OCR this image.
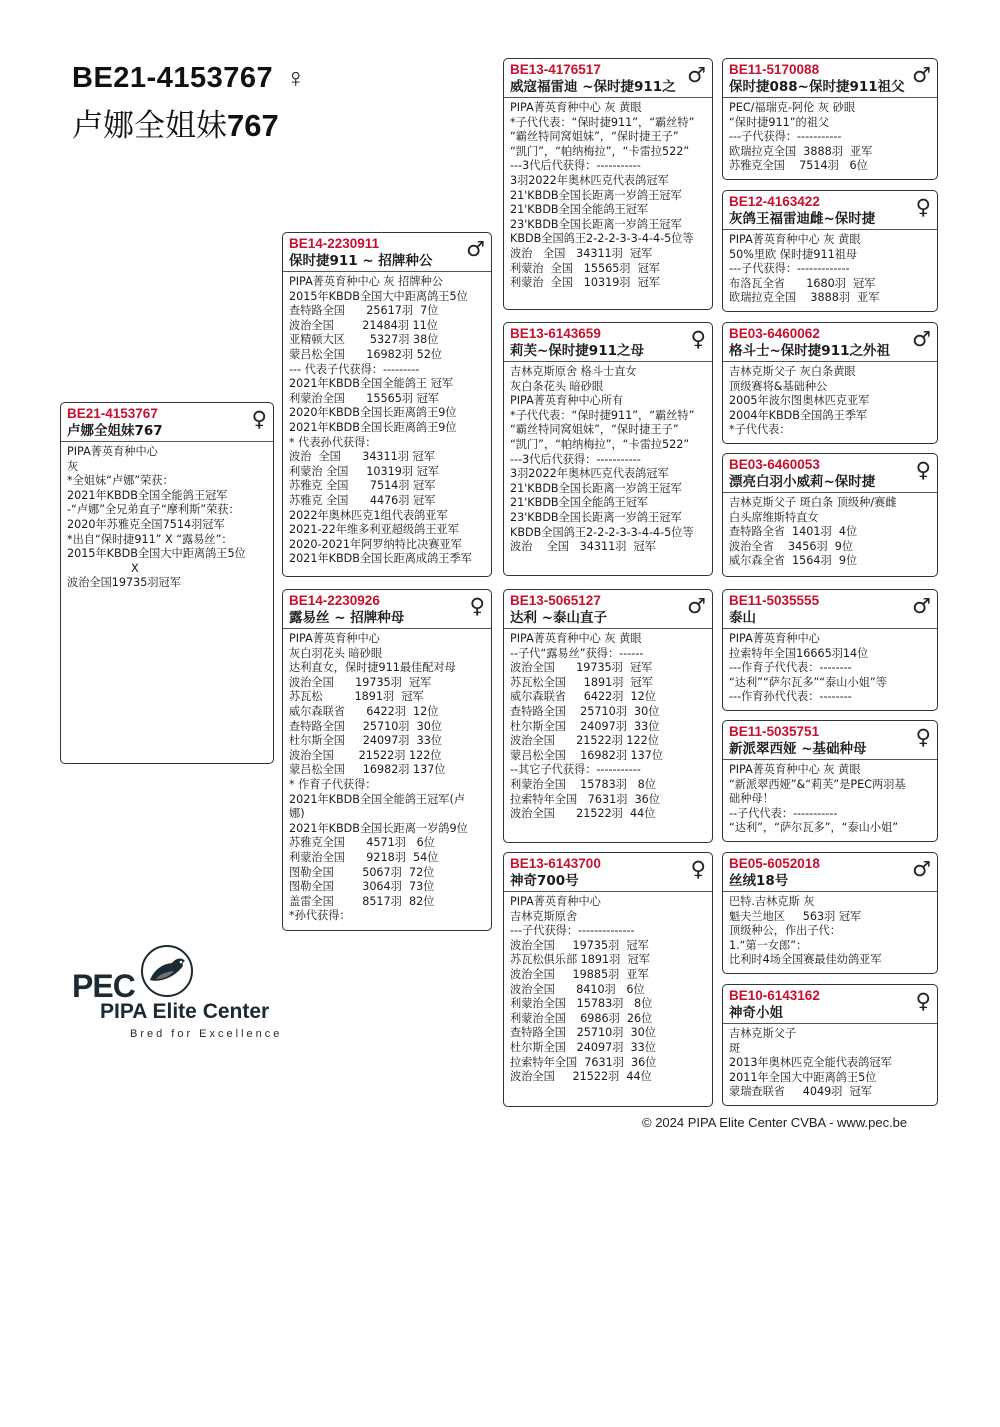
BE21-4153767 ♀
卢娜全姐妹767
BE21-4153767
卢娜全姐妹767	♀
PIPA菁英育种中心
灰
*全姐妹“卢娜”荣获：
2021年KBDB全国全能鸽王冠军
-“卢娜”全兄弟直子“摩利斯”荣获：
2020年苏雅克全国7514羽冠军
*出自“保时捷911” X “露易丝”：
2015年KBDB全国大中距离鸽王5位
X
波治全国19735羽冠军
BE14-2230911
保时捷911 ~ 招牌种公	♂
PIPA菁英育种中心 灰 招牌种公
2015年KBDB全国大中距离鸽王5位
查特路全国      25617羽  7位
波治全国        21484羽 11位
亚精顿大区       5327羽 38位
蒙吕松全国      16982羽 52位
--- 代表子代获得：---------
2021年KBDB全国全能鸽王 冠军
利蒙治全国      15565羽 冠军
2020年KBDB全国长距离鸽王9位
2021年KBDB全国长距离鸽王9位
* 代表孙代获得：
波治  全国      34311羽 冠军
利蒙治 全国     10319羽 冠军
苏雅克 全国      7514羽 冠军
苏雅克 全国      4476羽 冠军
2022年奥林匹克1组代表鸽亚军
2021-22年维多利亚超级鸽王亚军
2020-2021年阿罗纳特比决赛亚军
2021年KBDB全国长距离成鸽王季军
BE14-2230926
露易丝 ~ 招牌种母	♀
PIPA菁英育种中心
灰白羽花头 暗砂眼
达利直女，保时捷911最佳配对母
波治全国      19735羽  冠军
苏瓦松         1891羽  冠军
威尔森联省      6422羽  12位
查特路全国     25710羽  30位
杜尔斯全国     24097羽  33位
波治全国       21522羽 122位
蒙吕松全国     16982羽 137位
* 作育子代获得：
2021年KBDB全国全能鸽王冠军(卢
娜)
2021年KBDB全国长距离一岁鸽9位
苏雅克全国      4571羽   6位
利蒙治全国      9218羽  54位
图勒全国        5067羽  72位
图勒全国        3064羽  73位
盖雷全国        8517羽  82位
*孙代获得：
BE13-4176517
威寇福雷迪 ~保时捷911之 ♂
PIPA菁英育种中心 灰 黄眼
*子代代表：“保时捷911”，“霸丝特”
“霸丝特同窝姐妹”，“保时捷王子”
“凯门”，“帕纳梅拉”，“卡雷拉522”
---3代后代获得：-----------
3羽2022年奥林匹克代表鸽冠军
21'KBDB全国长距离一岁鸽王冠军
21'KBDB全国全能鸽王冠军
23'KBDB全国长距离一岁鸽王冠军
KBDB全国鸽王2-2-2-3-3-4-4-5位等
波治   全国   34311羽  冠军
利蒙治  全国   15565羽  冠军
利蒙治  全国   10319羽  冠军
BE13-6143659
莉芙~保时捷911之母	♀
吉林克斯原舍 格斗士直女
灰白条花头 暗砂眼
PIPA菁英育种中心所有
*子代代表：“保时捷911”，“霸丝特”
“霸丝特同窝姐妹”，“保时捷王子”
“凯门”，“帕纳梅拉”，“卡雷拉522”
---3代后代获得：-----------
3羽2022年奥林匹克代表鸽冠军
21'KBDB全国长距离一岁鸽王冠军
21'KBDB全国全能鸽王冠军
23'KBDB全国长距离一岁鸽王冠军
KBDB全国鸽王2-2-2-3-3-4-4-5位等
波治    全国   34311羽  冠军
BE13-5065127
达利 ~泰山直子	♂
PIPA菁英育种中心 灰 黄眼
--子代“露易丝”获得：------
波治全国      19735羽  冠军
苏瓦松全国     1891羽  冠军
威尔森联省     6422羽  12位
查特路全国    25710羽  30位
杜尔斯全国    24097羽  33位
波治全国      21522羽 122位
蒙吕松全国    16982羽 137位
--其它子代获得：-----------
利蒙治全国    15783羽   8位
拉索特年全国   7631羽  36位
波治全国      21522羽  44位
BE13-6143700
神奇700号	♀
PIPA菁英育种中心
吉林克斯原舍
---子代获得：--------------
波治全国     19735羽  冠军
苏瓦松俱乐部 1891羽  冠军
波治全国     19885羽  亚军
波治全国      8410羽   6位
利蒙治全国   15783羽   8位
利蒙治全国    6986羽  26位
查特路全国   25710羽  30位
杜尔斯全国   24097羽  33位
拉索特年全国  7631羽  36位
波治全国     21522羽  44位
BE11-5170088
保时捷088~保时捷911祖父 ♂
PEC/福瑞克-阿伦 灰 砂眼
“保时捷911”的祖父
---子代获得：-----------
欧瑞拉克全国  3888羽  亚军
苏雅克全国    7514羽   6位
BE12-4163422
灰鸽王福雷迪雌~保时捷	♀
PIPA菁英育种中心 灰 黄眼
50%里欧 保时捷911祖母
---子代获得：-------------
布洛瓦全省      1680羽  冠军
欧瑞拉克全国    3888羽  亚军
BE03-6460062
格斗士~保时捷911之外祖	♂
吉林克斯父子 灰白条黄眼
顶级赛将&基础种公
2005年波尔图奥林匹克亚军
2004年KBDB全国鸽王季军
*子代代表：
BE03-6460053
漂亮白羽小威莉~保时捷	♀
吉林克斯父子 斑白条 顶级种/赛雌
白头席维斯特直女
查特路全省  1401羽  4位
波治全省    3456羽  9位
威尔森全省  1564羽  9位
BE11-5035555
泰山	♂
PIPA菁英育种中心
拉索特年全国16665羽14位
---作育子代代表：--------
“达利”“萨尔瓦多”“泰山小姐”等
---作育孙代代表：--------
BE11-5035751
新派翠西娅 ~基础种母	♀
PIPA菁英育种中心 灰 黄眼
“新派翠西娅”&“莉芙”是PEC两羽基
础种母！
--子代代表：-----------
“达利”，“萨尔瓦多”，“泰山小姐”
BE05-6052018
丝绒18号	♂
巴特.吉林克斯 灰
魁夫兰地区     563羽 冠军
顶级种公，作出子代：
1.“第一女郎”：
比利时4场全国赛最佳幼鸽亚军
BE10-6143162
神奇小姐	♀
吉林克斯父子
斑
2013年奥林匹克全能代表鸽冠军
2011年全国大中距离鸽王5位
蒙瑞查联省     4049羽  冠军
PEC
PIPA Elite Center
Bred for Excellence
© 2024 PIPA Elite Center CVBA - www.pec.be
